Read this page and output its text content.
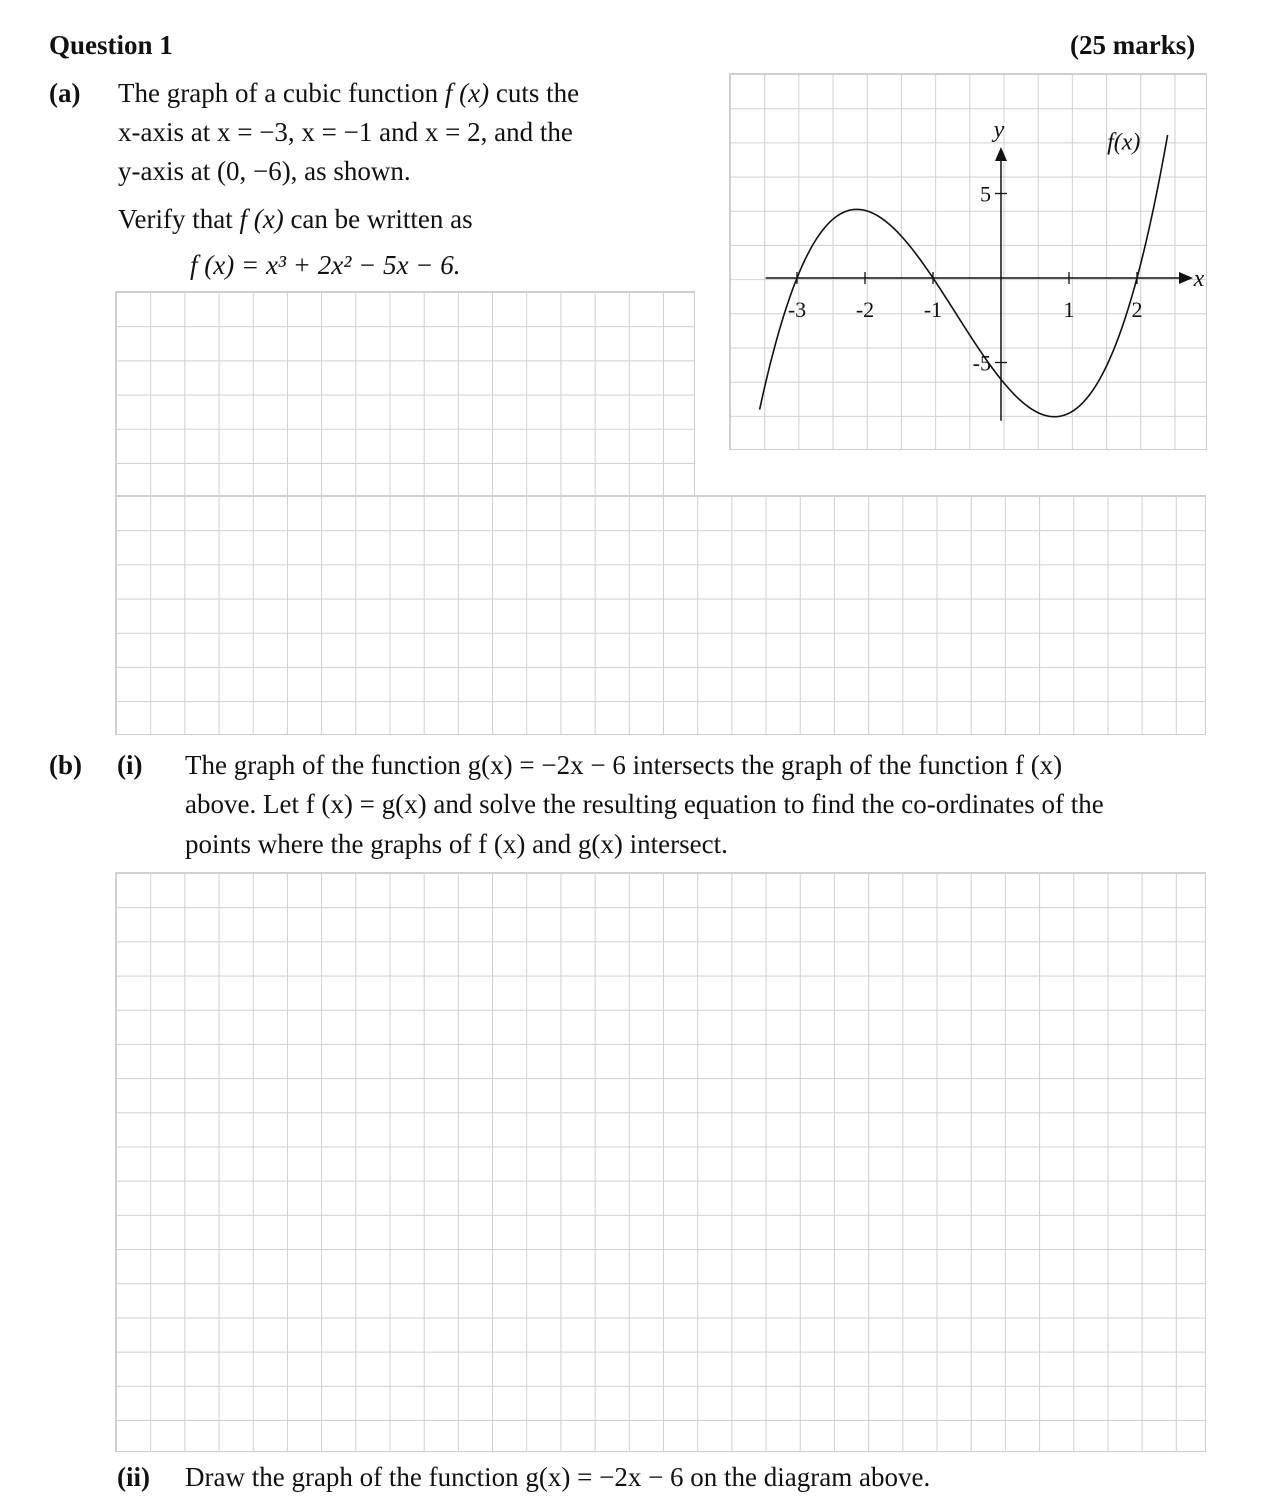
Question 1	(25 marks)
(a) The graph of a cubic function f (x) cuts the
x-axis at x = −3, x = −1 and x = 2, and the
y-axis at (0, −6), as shown.
Verify that f (x) can be written as
f (x) = x³ + 2x² − 5x − 6.
-3 -2 -1	1	2
5
-5
x
y	f(x)
(b) (i) The graph of the function g(x) = −2x − 6 intersects the graph of the function f (x)
above. Let f (x) = g(x) and solve the resulting equation to find the co-ordinates of the
points where the graphs of f (x) and g(x) intersect.
(ii) Draw the graph of the function g(x) = −2x − 6 on the diagram above.
